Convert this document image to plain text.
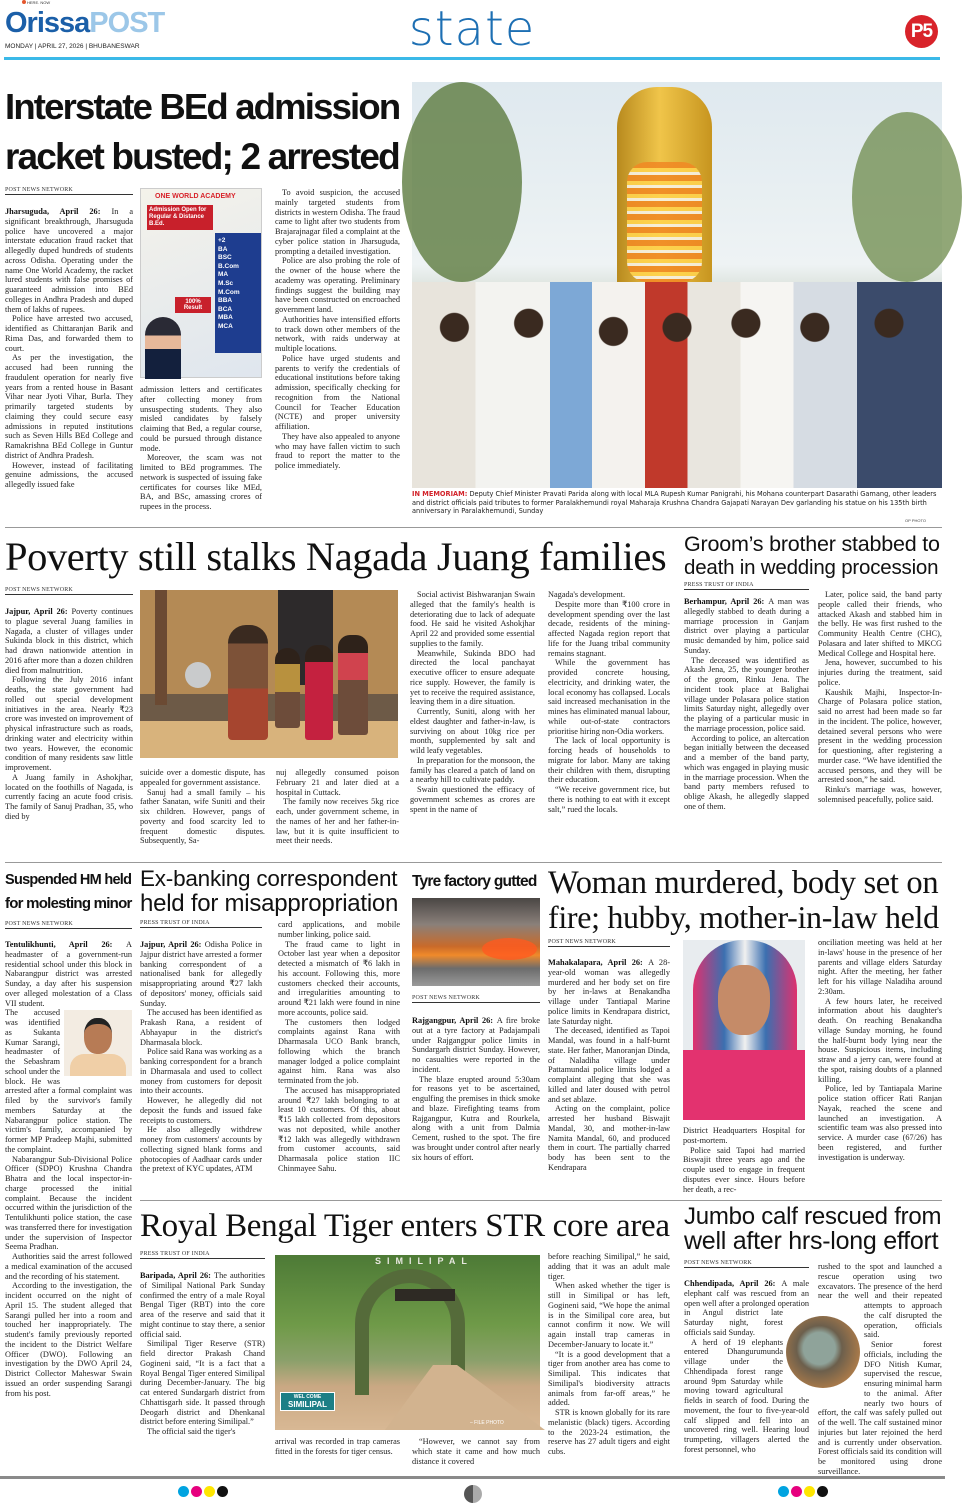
HERE. NOW
OrissaPOST
MONDAY | APRIL 27, 2026 | BHUBANESWAR	state	P5
Interstate BEd admission
racket busted; 2 arrested
POST NEWS NETWORK

Jharsuguda, April 26: In a significant breakthrough, Jharsuguda police have uncovered a major interstate education fraud racket that allegedly duped hundreds of students across Odisha. Operating under the name One World Academy, the racket lured students with false promises of guaranteed admission into BEd colleges in Andhra Pradesh and duped them of lakhs of rupees.

Police have arrested two accused, identified as Chittaranjan Barik and Rima Das, and forwarded them to court.

As per the investigation, the accused had been running the fraudulent operation for nearly five years from a rented house in Basant Vihar near Jyoti Vihar, Burla. They primarily targeted students by claiming they could secure easy admissions in reputed institutions such as Seven Hills BEd College and Ramakrishna BEd College in Guntur district of Andhra Pradesh.

However, instead of facilitating genuine admissions, the accused allegedly issued fake

ONE WORLD ACADEMY
Admission Open for Regular & Distance B.Ed.
+2
BA
BSC
B.Com
MA
M.Sc
M.Com
BBA
BCA
MBA
MCA
100% Result

admission letters and certificates after collecting money from unsuspecting students. They also misled candidates by falsely claiming that Bed, a regular course, could be pursued through distance mode.

Moreover, the scam was not limited to BEd programmes. The network is suspected of issuing fake certificates for courses like MEd, BA, and BSc, amassing crores of rupees in the process.

To avoid suspicion, the accused mainly targeted students from districts in western Odisha. The fraud came to light after two students from Brajarajnagar filed a complaint at the cyber police station in Jharsuguda, prompting a detailed investigation.

Police are also probing the role of the owner of the house where the academy was operating. Preliminary findings suggest the building may have been constructed on encroached government land.

Authorities have intensified efforts to track down other members of the network, with raids underway at multiple locations.

Police have urged students and parents to verify the credentials of educational institutions before taking admission, specifically checking for recognition from the National Council for Teacher Education (NCTE) and proper university affiliation.

They have also appealed to anyone who may have fallen victim to such fraud to report the matter to the police immediately.

IN MEMORIAM: Deputy Chief Minister Pravati Parida along with local MLA Rupesh Kumar Panigrahi, his Mohana counterpart Dasarathi Gamang, other leaders and district officials paid tributes to former Paralakhemundi royal Maharaja Krushna Chandra Gajapati Narayan Dev garlanding his statue on his 135th birth anniversary in Paralakhemundi, Sunday
OP PHOTO
Poverty still stalks Nagada Juang families
POST NEWS NETWORK

Jajpur, April 26: Poverty continues to plague several Juang families in Nagada, a cluster of villages under Sukinda block in this district, which had drawn nationwide attention in 2016 after more than a dozen children died from malnutrition.

Following the July 2016 infant deaths, the state government had rolled out special development initiatives in the area. Nearly ₹23 crore was invested on improvement of physical infrastructure such as roads, drinking water and electricity within two years. However, the economic condition of many residents saw little improvement.

A Juang family in Ashokjhar, located on the foothills of Nagada, is currently facing an acute food crisis. The family of Sanuj Pradhan, 35, who died by

suicide over a domestic dispute, has appealed for government assistance.

Sanuj had a small family – his father Sanatan, wife Suniti and their six children. However, pangs of poverty and food scarcity led to frequent domestic disputes. Subsequently, Sa-

nuj allegedly consumed poison February 21 and later died at a hospital in Cuttack.

The family now receives 5kg rice each, under government scheme, in the names of her and her father-in-law, but it is quite insufficient to meet their needs.

Social activist Bishwaranjan Swain alleged that the family's health is deteriorating due to lack of adequate food. He said he visited Ashokjhar April 22 and provided some essential supplies to the family.

Meanwhile, Sukinda BDO had directed the local panchayat executive officer to ensure adequate rice supply. However, the family is yet to receive the required assistance, leaving them in a dire situation.

Currently, Suniti, along with her eldest daughter and father-in-law, is surviving on about 10kg rice per month, supplemented by salt and wild leafy vegetables.

In preparation for the monsoon, the family has cleared a patch of land on a nearby hill to cultivate paddy.

Swain questioned the efficacy of government schemes as crores are spent in the name of

Nagada's development.

Despite more than ₹100 crore in development spending over the last decade, residents of the mining-affected Nagada region report that life for the Juang tribal community remains stagnant.

While the government has provided concrete housing, electricity, and drinking water, the local economy has collapsed. Locals said increased mechanisation in the mines has eliminated manual labour, while out-of-state contractors prioritise hiring non-Odia workers.

The lack of local opportunity is forcing heads of households to migrate for labor. Many are taking their children with them, disrupting their education.

“We receive government rice, but there is nothing to eat with it except salt,” rued the locals.

Groom’s brother stabbed to
death in wedding procession
PRESS TRUST OF INDIA

Berhampur, April 26: A man was allegedly stabbed to death during a marriage procession in Ganjam district over playing a particular music demanded by him, police said Sunday.

The deceased was identified as Akash Jena, 25, the younger brother of the groom, Rinku Jena. The incident took place at Balighai village under Polasara police station limits Saturday night, allegedly over the playing of a particular music in the marriage procession, police said.

According to police, an altercation began initially between the deceased and a member of the band party, which was engaged in playing music in the marriage procession. When the band party members refused to oblige Akash, he allegedly slapped one of them.

Later, police said, the band party people called their friends, who attacked Akash and stabbed him in the belly. He was first rushed to the Community Health Centre (CHC), Polasara and later shifted to MKCG Medical College and Hospital here.

Jena, however, succumbed to his injuries during the treatment, said police.

Kaushik Majhi, Inspector-In-Charge of Polasara police station, said no arrest had been made so far in the incident. The police, however, detained several persons who were present in the wedding procession for questioning, after registering a murder case. “We have identified the accused persons, and they will be arrested soon,” he said.

Rinku's marriage was, however, solemnised peacefully, police said.

Suspended HM held
for molesting minor
POST NEWS NETWORK

Tentulikhunti, April 26: A headmaster of a government-run residential school under this block in Nabarangpur district was arrested Sunday, a day after his suspension over alleged molestation of a Class VII student.

The accused was identified as Sukanta Kumar Sarangi, headmaster of the Sebashram school under the block. He was arrested after a formal complaint was filed by the survivor's family members Saturday at the Nabarangpur police station. The victim's family, accompanied by former MP Pradeep Majhi, submitted the complaint.

Nabarangpur Sub-Divisional Police Officer (SDPO) Krushna Chandra Bhatra and the local inspector-in-charge processed the initial complaint. Because the incident occurred within the jurisdiction of the Tentulikhunti police station, the case was transferred there for investigation under the supervision of Inspector Seema Pradhan.

Authorities said the arrest followed a medical examination of the accused and the recording of his statement.

According to the investigation, the incident occurred on the night of April 15. The student alleged that Sarangi pulled her into a room and touched her inappropriately. The student's family previously reported the incident to the District Welfare Officer (DWO). Following an investigation by the DWO April 24, District Collector Maheswar Swain issued an order suspending Sarangi from his post.

Ex-banking correspondent
held for misappropriation
PRESS TRUST OF INDIA

Jajpur, April 26: Odisha Police in Jajpur district have arrested a former banking correspondent of a nationalised bank for allegedly misappropriating around ₹27 lakh of depositors' money, officials said Sunday.

The accused has been identified as Prakash Rana, a resident of Abhayapur in the district's Dharmasala block.

Police said Rana was working as a banking correspondent for a branch in Dharmasala and used to collect money from customers for deposit into their accounts.

However, he allegedly did not deposit the funds and issued fake receipts to customers.

He also allegedly withdrew money from customers' accounts by collecting signed blank forms and photocopies of Aadhaar cards under the pretext of KYC updates, ATM

card applications, and mobile number linking, police said.

The fraud came to light in October last year when a depositor detected a mismatch of ₹6 lakh in his account. Following this, more customers checked their accounts, and irregularities amounting to around ₹21 lakh were found in nine more accounts, police said.

The customers then lodged complaints against Rana with Dharmasala UCO Bank branch, following which the branch manager lodged a police complaint against him. Rana was also terminated from the job.

The accused has misappropriated around ₹27 lakh belonging to at least 10 customers. Of this, about ₹15 lakh collected from depositors was not deposited, while another ₹12 lakh was allegedly withdrawn from customer accounts, said Dharmasala police station IIC Chinmayee Sahu.

Tyre factory gutted
POST NEWS NETWORK

Rajgangpur, April 26: A fire broke out at a tyre factory at Padajampali under Rajgangpur police limits in Sundargarh district Sunday. However, no casualties were reported in the incident.

The blaze erupted around 5:30am for reasons yet to be ascertained, engulfing the premises in thick smoke and blaze. Firefighting teams from Rajgangpur, Kutra and Rourkela, along with a unit from Dalmia Cement, rushed to the spot. The fire was brought under control after nearly six hours of effort.

Woman murdered, body set on
fire; hubby, mother-in-law held
POST NEWS NETWORK

Mahakalapara, April 26: A 28-year-old woman was allegedly murdered and her body set on fire by her in-laws at Benakandha village under Tantiapal Marine police limits in Kendrapara district, late Saturday night.

The deceased, identified as Tapoi Mandal, was found in a half-burnt state. Her father, Manoranjan Dinda, of Naladiha village under Pattamundai police limits lodged a complaint alleging that she was killed and later doused with petrol and set ablaze.

Acting on the complaint, police arrested her husband Biswajit Mandal, 30, and mother-in-law Namita Mandal, 60, and produced them in court. The partially charred body has been sent to the Kendrapara

District Headquarters Hospital for post-mortem.

Police said Tapoi had married Biswajit three years ago and the couple used to engage in frequent disputes ever since. Hours before her death, a rec-

onciliation meeting was held at her in-laws' house in the presence of her parents and village elders Saturday night. After the meeting, her father left for his village Naladiha around 2:30am.

A few hours later, he received information about his daughter's death. On reaching Benakandha village Sunday morning, he found the half-burnt body lying near the house. Suspicious items, including straw and a jerry can, were found at the spot, raising doubts of a planned killing.

Police, led by Tantiapala Marine police station officer Rati Ranjan Nayak, reached the scene and launched an investigation. A scientific team was also pressed into service. A murder case (67/26) has been registered, and further investigation is underway.

Royal Bengal Tiger enters STR core area
PRESS TRUST OF INDIA

Baripada, April 26: The authorities of Similipal National Park Sunday confirmed the entry of a male Royal Bengal Tiger (RBT) into the core area of the reserve and said that it might continue to stay there, a senior official said.

Similipal Tiger Reserve (STR) field director Prakash Chand Gogineni said, “It is a fact that a Royal Bengal Tiger entered Similipal during December-January. The big cat entered Sundargarh district from Chhattisgarh side. It passed through Deogarh district and Dhenkanal district before entering Similipal.”

The official said the tiger's

SIMILIPAL
WEL COME
SIMILIPAL
– FILE PHOTO

arrival was recorded in trap cameras fitted in the forests for tiger census.

“However, we cannot say from which state it came and how much distance it covered

before reaching Similipal,” he said, adding that it was an adult male tiger.

When asked whether the tiger is still in Similipal or has left, Gogineni said, “We hope the animal is in the Similipal core area, but cannot confirm it now. We will again install trap cameras in December-January to locate it.”

“It is a good development that a tiger from another area has come to Similipal. This indicates that Similipal's biodiversity attracts animals from far-off areas,” he added.

STR is known globally for its rare melanistic (black) tigers. According to the 2023-24 estimation, the reserve has 27 adult tigers and eight cubs.

Jumbo calf rescued from
well after hrs-long effort
POST NEWS NETWORK

Chhendipada, April 26: A male elephant calf was rescued from an open well after a prolonged operation in Angul district late Saturday night, forest officials said Sunday.

A herd of 19 elephants entered Dhangurumunda village under the Chhendipada forest range around 9pm Saturday while moving toward agricultural fields in search of food. During the movement, the four to five-year-old calf slipped and fell into an uncovered ring well. Hearing loud trumpeting, villagers alerted the forest personnel, who

rushed to the spot and launched a rescue operation using two excavators. The presence of the herd near the well and their repeated attempts to approach the calf disrupted the operation, officials said.

Senior forest officials, including the DFO Nitish Kumar, supervised the rescue, ensuring minimal harm to the animal. After nearly two hours of effort, the calf was safely pulled out of the well. The calf sustained minor injuries but later rejoined the herd and is currently under observation. Forest officials said its condition will be monitored using drone surveillance.
